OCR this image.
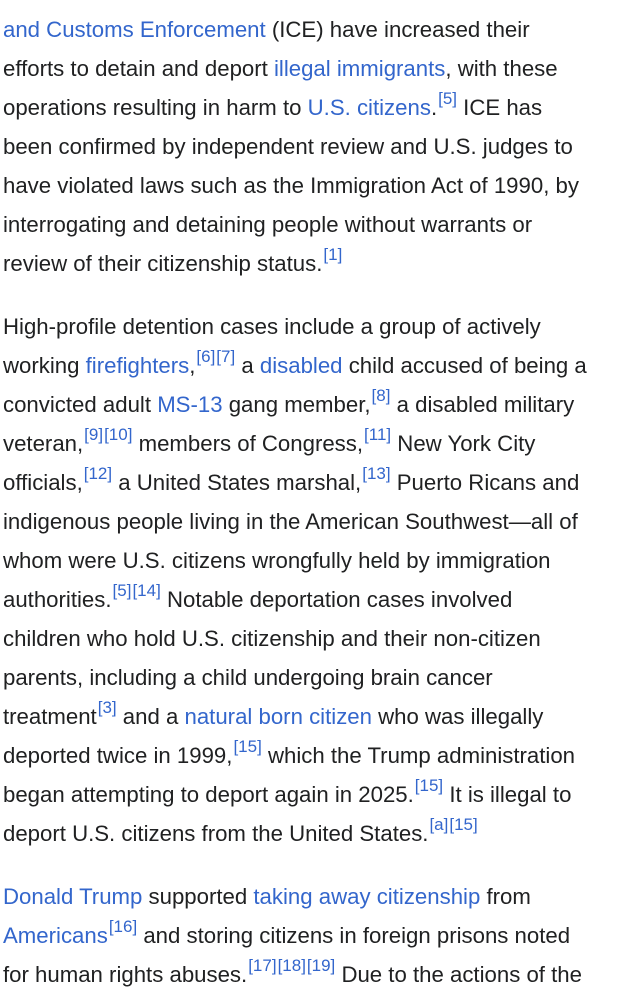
and Customs Enforcement (ICE) have increased their
efforts to detain and deport illegal immigrants, with these
operations resulting in harm to U.S. citizens.[5] ICE has
been confirmed by independent review and U.S. judges to
have violated laws such as the Immigration Act of 1990, by
interrogating and detaining people without warrants or
review of their citizenship status.[1]
High-profile detention cases include a group of actively
working firefighters,[6][7] a disabled child accused of being a
convicted adult MS-13 gang member,[8] a disabled military
veteran,[9][10] members of Congress,[11] New York City
officials,[12] a United States marshal,[13] Puerto Ricans and
indigenous people living in the American Southwest—all of
whom were U.S. citizens wrongfully held by immigration
authorities.[5][14] Notable deportation cases involved
children who hold U.S. citizenship and their non-citizen
parents, including a child undergoing brain cancer
treatment[3] and a natural born citizen who was illegally
deported twice in 1999,[15] which the Trump administration
began attempting to deport again in 2025.[15] It is illegal to
deport U.S. citizens from the United States.[a][15]
Donald Trump supported taking away citizenship from
Americans[16] and storing citizens in foreign prisons noted
for human rights abuses.[17][18][19] Due to the actions of the
